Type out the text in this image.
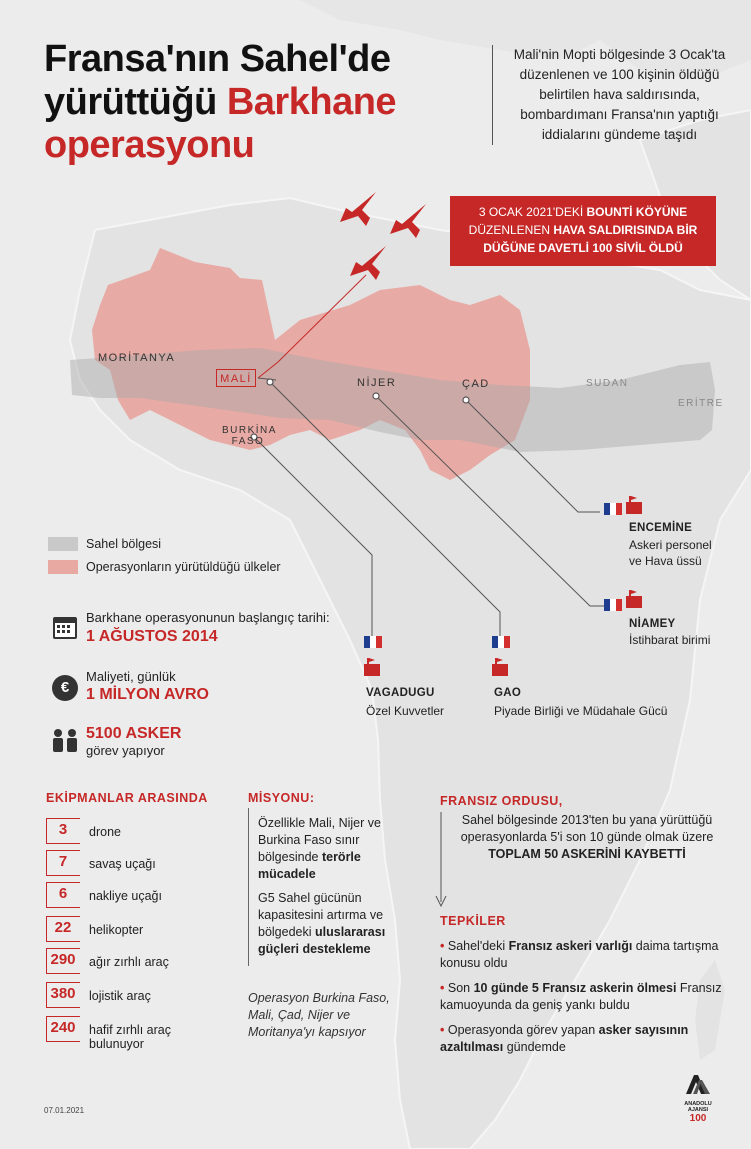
Fransa'nın Sahel'de
yürüttüğü Barkhane
operasyonu
Mali'nin Mopti bölgesinde 3 Ocak'ta düzenlenen ve 100 kişinin öldüğü belirtilen hava saldırısında, bombardımanı Fransa'nın yaptığı iddialarını gündeme taşıdı
3 OCAK 2021'DEKİ BOUNTİ KÖYÜNE DÜZENLENEN HAVA SALDIRISINDA BİR DÜĞÜNE DAVETLİ 100 SİVİL ÖLDÜ
MORİTANYA
MALİ	NİJER	ÇAD
BURKİNA
FASO
SUDAN
ERİTRE
Sahel bölgesi
Operasyonların yürütüldüğü ülkeler
Barkhane operasyonunun başlangıç tarihi:
1 AĞUSTOS 2014
€
Maliyeti, günlük
1 MİLYON AVRO
5100 ASKER
görev yapıyor
EKİPMANLAR ARASINDA
3	drone
7	savaş uçağı
6	nakliye uçağı
22	helikopter
290	ağır zırhlı araç
380	lojistik araç
240	hafif zırhlı araç
bulunuyor
MİSYONU:
Özellikle Mali, Nijer ve Burkina Faso sınır bölgesinde terörle mücadele
G5 Sahel gücünün kapasitesini artırma ve bölgedeki uluslararası güçleri destekleme
Operasyon Burkina Faso, Mali, Çad, Nijer ve Moritanya'yı kapsıyor
FRANSIZ ORDUSU,
Sahel bölgesinde 2013'ten bu yana yürüttüğü operasyonlarda 5'i son 10 günde olmak üzere TOPLAM 50 ASKERİNİ KAYBETTİ
TEPKİLER
• Sahel'deki Fransız askeri varlığı daima tartışma konusu oldu
• Son 10 günde 5 Fransız askerin ölmesi Fransız kamuoyunda da geniş yankı buldu
• Operasyonda görev yapan asker sayısının azaltılması gündemde
ENCEMİNE
Askeri personel
ve Hava üssü
NİAMEY
İstihbarat birimi
VAGADUGU
Özel Kuvvetler
GAO
Piyade Birliği ve Müdahale Gücü
07.01.2021
ANADOLU AJANSI
100
